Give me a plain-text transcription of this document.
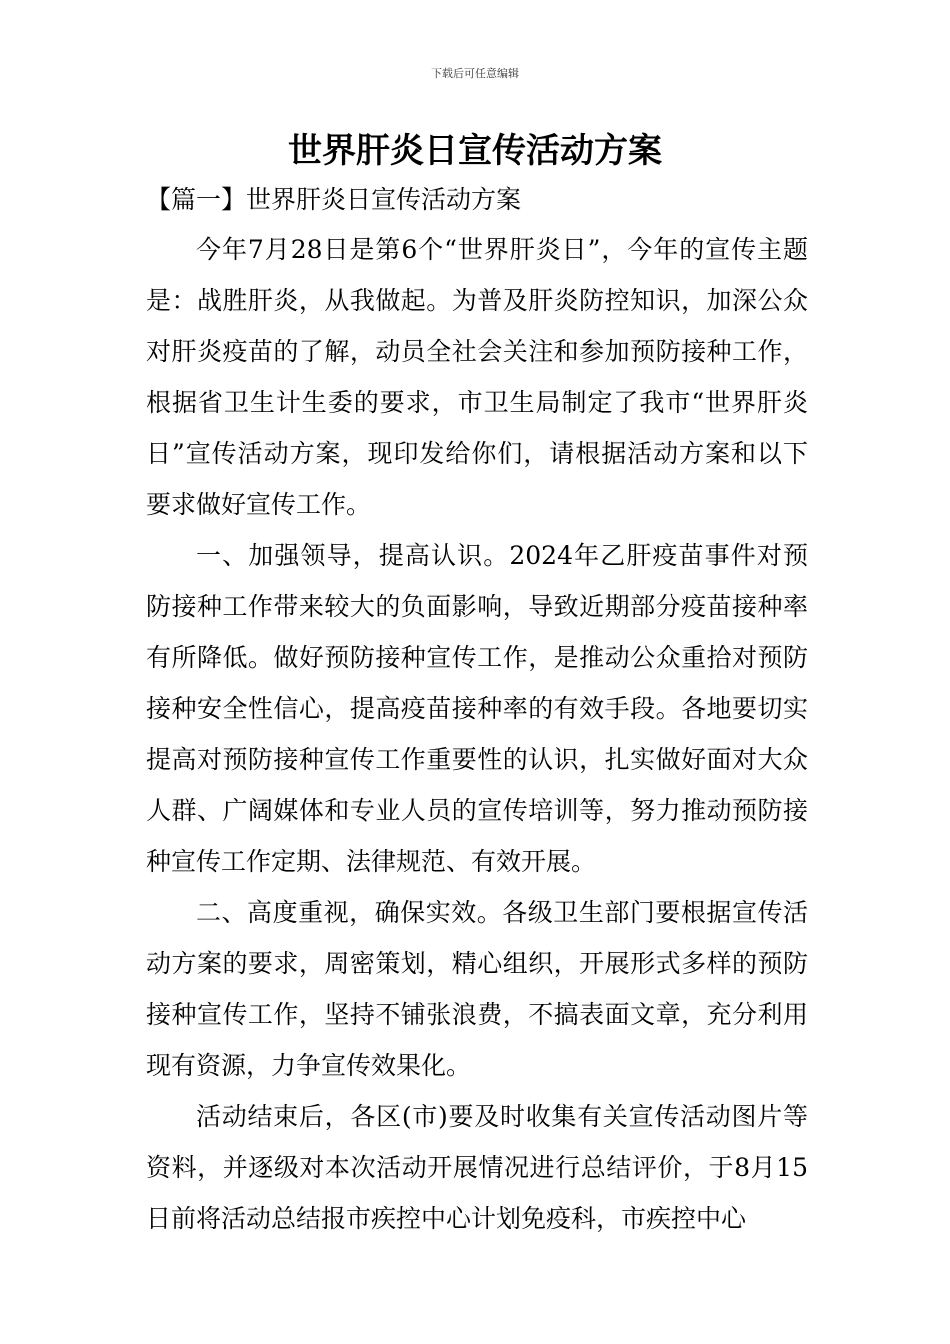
下载后可任意编辑
世界肝炎日宣传活动方案
【篇一】世界肝炎日宣传活动方案

今年7月28日是第6个“世界肝炎日”，今年的宣传主题是：战胜肝炎，从我做起。为普及肝炎防控知识，加深公众对肝炎疫苗的了解，动员全社会关注和参加预防接种工作，根据省卫生计生委的要求，市卫生局制定了我市“世界肝炎日”宣传活动方案，现印发给你们，请根据活动方案和以下要求做好宣传工作。

一、加强领导，提高认识。2024年乙肝疫苗事件对预防接种工作带来较大的负面影响，导致近期部分疫苗接种率有所降低。做好预防接种宣传工作，是推动公众重拾对预防接种安全性信心，提高疫苗接种率的有效手段。各地要切实提高对预防接种宣传工作重要性的认识，扎实做好面对大众人群、广阔媒体和专业人员的宣传培训等，努力推动预防接种宣传工作定期、法律规范、有效开展。

二、高度重视，确保实效。各级卫生部门要根据宣传活动方案的要求，周密策划，精心组织，开展形式多样的预防接种宣传工作，坚持不铺张浪费，不搞表面文章，充分利用现有资源，力争宣传效果化。

活动结束后，各区(市)要及时收集有关宣传活动图片等资料，并逐级对本次活动开展情况进行总结评价，于8月15日前将活动总结报市疾控中心计划免疫科，市疾控中心
